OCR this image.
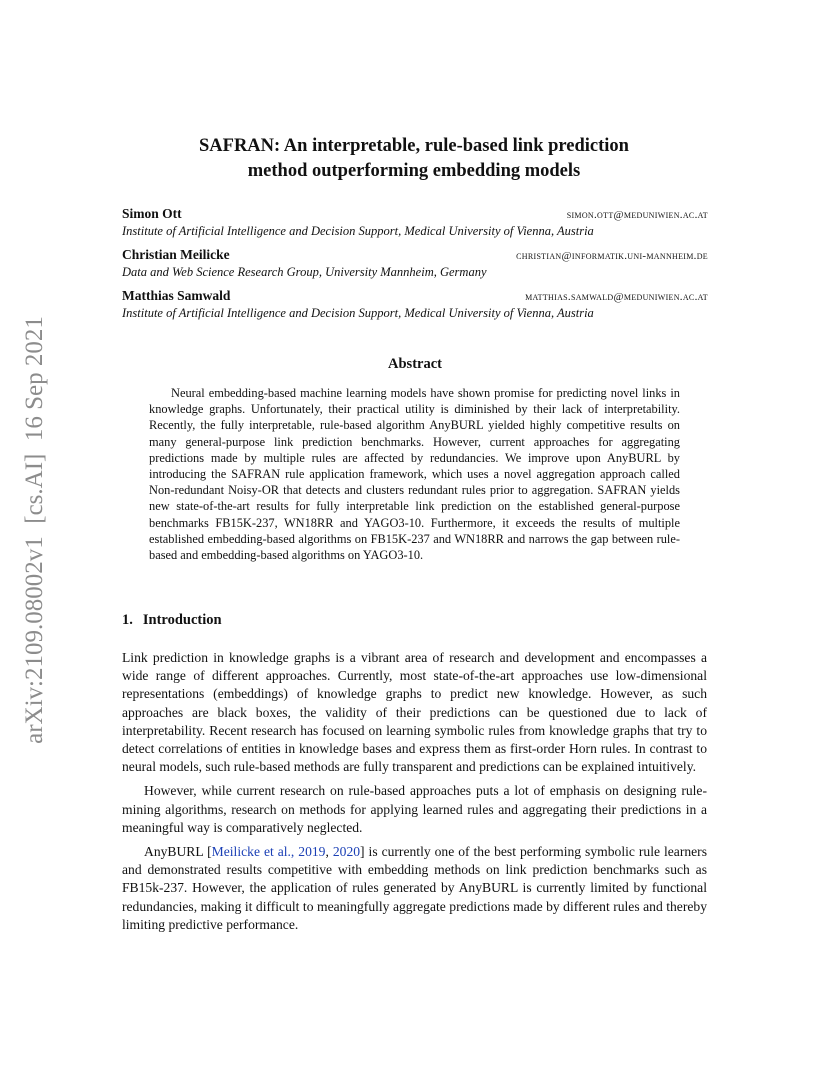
arXiv:2109.08002v1  [cs.AI]  16 Sep 2021
SAFRAN: An interpretable, rule-based link prediction
method outperforming embedding models
Simon Ott	simon.ott@meduniwien.ac.at
Institute of Artificial Intelligence and Decision Support, Medical University of Vienna, Austria
Christian Meilicke	christian@informatik.uni-mannheim.de
Data and Web Science Research Group, University Mannheim, Germany
Matthias Samwald	matthias.samwald@meduniwien.ac.at
Institute of Artificial Intelligence and Decision Support, Medical University of Vienna, Austria
Abstract

Neural embedding-based machine learning models have shown promise for predicting novel links in knowledge graphs. Unfortunately, their practical utility is diminished by their lack of interpretability. Recently, the fully interpretable, rule-based algorithm AnyBURL yielded highly competitive results on many general-purpose link prediction benchmarks. However, current approaches for aggregating predictions made by multiple rules are affected by redundancies. We improve upon AnyBURL by introducing the SAFRAN rule application framework, which uses a novel aggregation approach called Non-redundant Noisy-OR that detects and clusters redundant rules prior to aggregation. SAFRAN yields new state-of-the-art results for fully interpretable link prediction on the established general-purpose benchmarks FB15K-237, WN18RR and YAGO3-10. Furthermore, it exceeds the results of multiple established embedding-based algorithms on FB15K-237 and WN18RR and narrows the gap between rule-based and embedding-based algorithms on YAGO3-10.

1. Introduction

Link prediction in knowledge graphs is a vibrant area of research and development and encompasses a wide range of different approaches. Currently, most state-of-the-art approaches use low-dimensional representations (embeddings) of knowledge graphs to predict new knowledge. However, as such approaches are black boxes, the validity of their predictions can be questioned due to lack of interpretability. Recent research has focused on learning symbolic rules from knowledge graphs that try to detect correlations of entities in knowledge bases and express them as first-order Horn rules. In contrast to neural models, such rule-based methods are fully transparent and predictions can be explained intuitively.

However, while current research on rule-based approaches puts a lot of emphasis on designing rule-mining algorithms, research on methods for applying learned rules and aggregating their predictions in a meaningful way is comparatively neglected.

AnyBURL [Meilicke et al., 2019, 2020] is currently one of the best performing symbolic rule learners and demonstrated results competitive with embedding methods on link prediction benchmarks such as FB15k-237. However, the application of rules generated by AnyBURL is currently limited by functional redundancies, making it difficult to meaningfully aggregate predictions made by different rules and thereby limiting predictive performance.
